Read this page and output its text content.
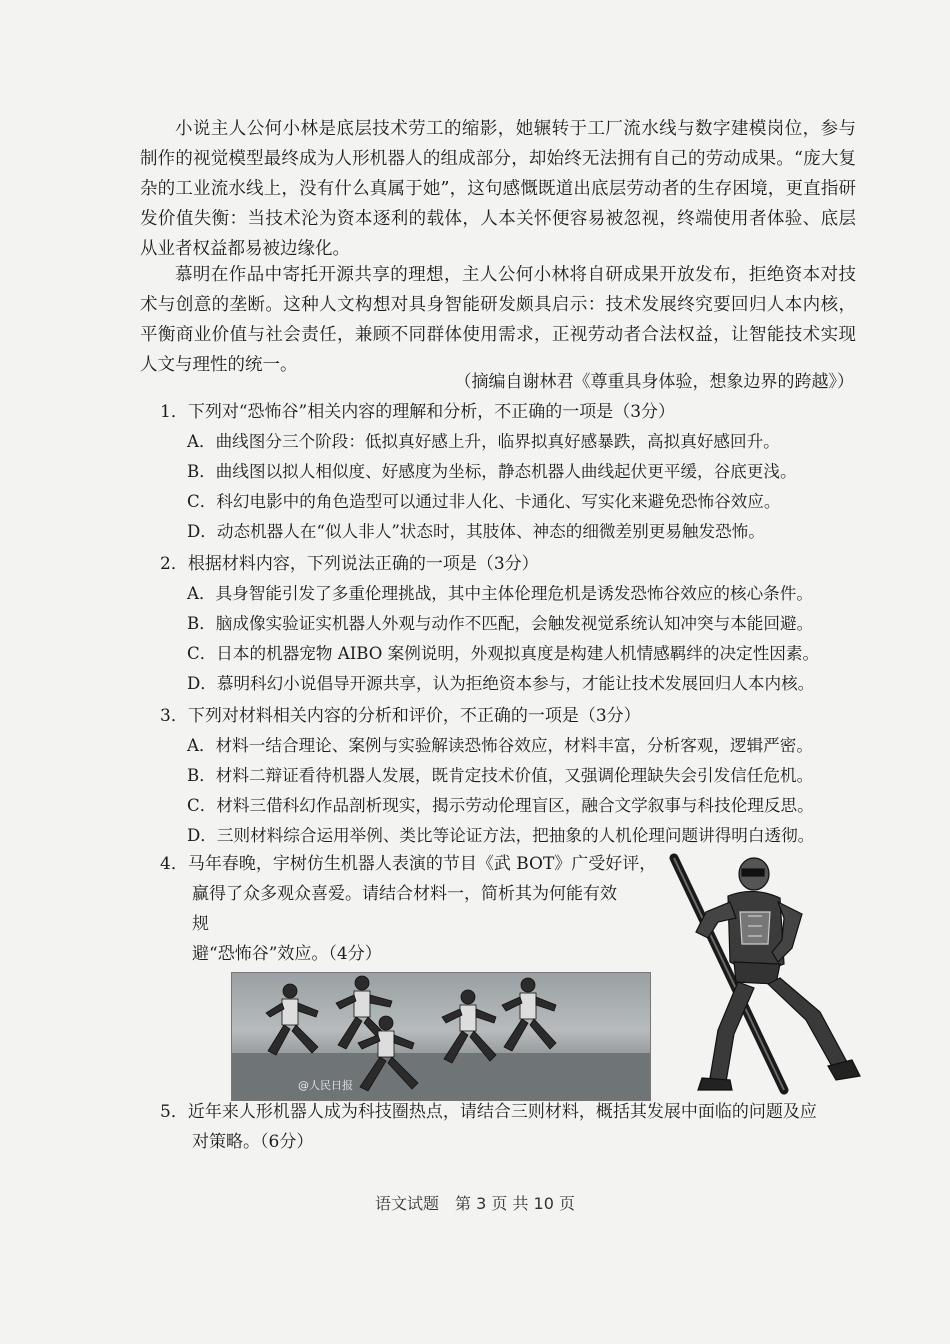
小说主人公何小林是底层技术劳工的缩影，她辗转于工厂流水线与数字建模岗位，参与制作的视觉模型最终成为人形机器人的组成部分，却始终无法拥有自己的劳动成果。“庞大复杂的工业流水线上，没有什么真属于她”，这句感慨既道出底层劳动者的生存困境，更直指研发价值失衡：当技术沦为资本逐利的载体，人本关怀便容易被忽视，终端使用者体验、底层从业者权益都易被边缘化。

慕明在作品中寄托开源共享的理想，主人公何小林将自研成果开放发布，拒绝资本对技术与创意的垄断。这种人文构想对具身智能研发颇具启示：技术发展终究要回归人本内核，平衡商业价值与社会责任，兼顾不同群体使用需求，正视劳动者合法权益，让智能技术实现人文与理性的统一。

（摘编自谢林君《尊重具身体验，想象边界的跨越》）
1．下列对“恐怖谷”相关内容的理解和分析，不正确的一项是（3分）
A．曲线图分三个阶段：低拟真好感上升，临界拟真好感暴跌，高拟真好感回升。
B．曲线图以拟人相似度、好感度为坐标，静态机器人曲线起伏更平缓，谷底更浅。
C．科幻电影中的角色造型可以通过非人化、卡通化、写实化来避免恐怖谷效应。
D．动态机器人在“似人非人”状态时，其肢体、神态的细微差别更易触发恐怖。
2．根据材料内容，下列说法正确的一项是（3分）
A．具身智能引发了多重伦理挑战，其中主体伦理危机是诱发恐怖谷效应的核心条件。
B．脑成像实验证实机器人外观与动作不匹配，会触发视觉系统认知冲突与本能回避。
C．日本的机器宠物 AIBO 案例说明，外观拟真度是构建人机情感羁绊的决定性因素。
D．慕明科幻小说倡导开源共享，认为拒绝资本参与，才能让技术发展回归人本内核。
3．下列对材料相关内容的分析和评价，不正确的一项是（3分）
A．材料一结合理论、案例与实验解读恐怖谷效应，材料丰富，分析客观，逻辑严密。
B．材料二辩证看待机器人发展，既肯定技术价值，又强调伦理缺失会引发信任危机。
C．材料三借科幻作品剖析现实，揭示劳动伦理盲区，融合文学叙事与科技伦理反思。
D．三则材料综合运用举例、类比等论证方法，把抽象的人机伦理问题讲得明白透彻。
4．马年春晚，宇树仿生机器人表演的节目《武 BOT》广受好评，
赢得了众多观众喜爱。请结合材料一，简析其为何能有效规
避“恐怖谷”效应。（4分）
@人民日报
5．近年来人形机器人成为科技圈热点，请结合三则材料，概括其发展中面临的问题及应
对策略。（6分）
语文试题　第 3 页 共 10 页
